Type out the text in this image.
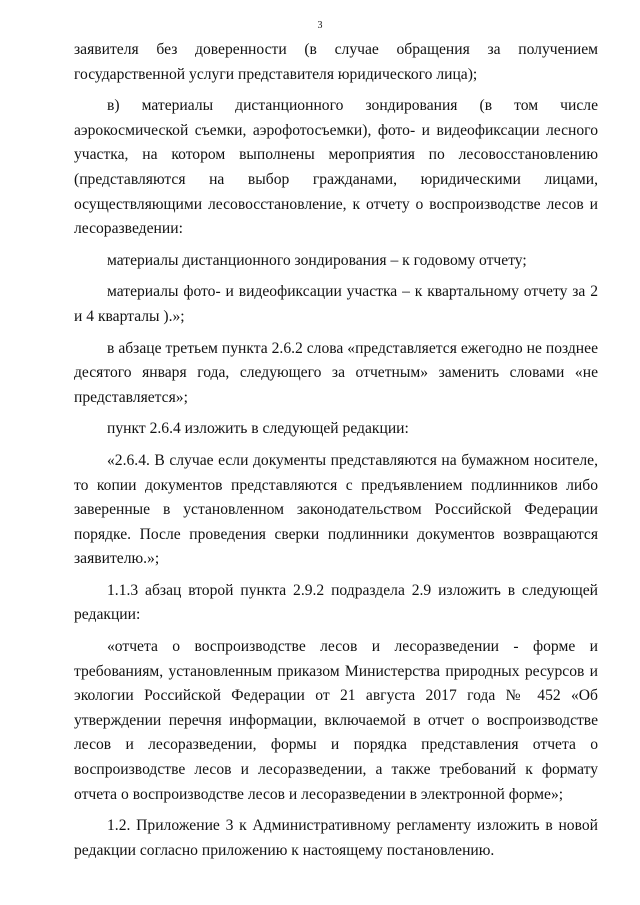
3

заявителя без доверенности (в случае обращения за получением государственной услуги представителя юридического лица);

в) материалы дистанционного зондирования (в том числе аэрокосмической съемки, аэрофотосъемки), фото- и видеофиксации лесного участка, на котором выполнены мероприятия по лесовосстановлению (представляются на выбор гражданами, юридическими лицами, осуществляющими лесовосстановление, к отчету о воспроизводстве лесов и лесоразведении:

материалы дистанционного зондирования – к годовому отчету;

материалы фото- и видеофиксации участка – к квартальному отчету за 2 и 4 кварталы ).»;

в абзаце третьем пункта 2.6.2 слова «представляется ежегодно не позднее десятого января года, следующего за отчетным» заменить словами «не представляется»;

пункт 2.6.4 изложить в следующей редакции:

«2.6.4. В случае если документы представляются на бумажном носителе, то копии документов представляются с предъявлением подлинников либо заверенные в установленном законодательством Российской Федерации порядке. После проведения сверки подлинники документов возвращаются заявителю.»;

1.1.3 абзац второй пункта 2.9.2 подраздела 2.9 изложить в следующей редакции:

«отчета о воспроизводстве лесов и лесоразведении - форме и требованиям, установленным приказом Министерства природных ресурсов и экологии Российской Федерации от 21 августа 2017 года № 452 «Об утверждении перечня информации, включаемой в отчет о воспроизводстве лесов и лесоразведении, формы и порядка представления отчета о воспроизводстве лесов и лесоразведении, а также требований к формату отчета о воспроизводстве лесов и лесоразведении в электронной форме»;

1.2. Приложение 3 к Административному регламенту изложить в новой редакции согласно приложению к настоящему постановлению.
